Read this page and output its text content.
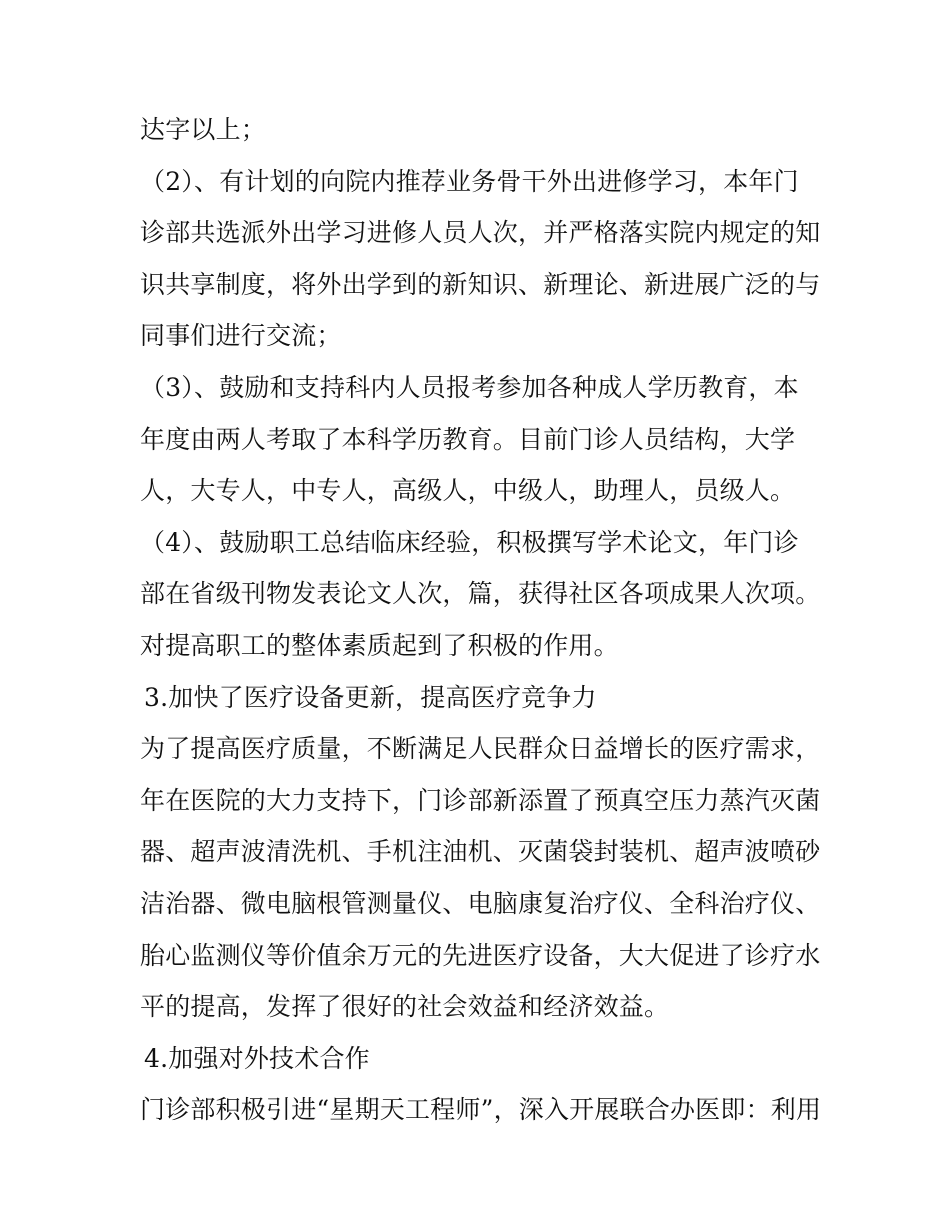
达字以上；

（2）、有计划的向院内推荐业务骨干外出进修学习，本年门

诊部共选派外出学习进修人员人次，并严格落实院内规定的知

识共享制度，将外出学到的新知识、新理论、新进展广泛的与

同事们进行交流；

（3）、鼓励和支持科内人员报考参加各种成人学历教育，本

年度由两人考取了本科学历教育。目前门诊人员结构，大学

人，大专人，中专人，高级人，中级人，助理人，员级人。

（4）、鼓励职工总结临床经验，积极撰写学术论文，年门诊

部在省级刊物发表论文人次，篇，获得社区各项成果人次项。

对提高职工的整体素质起到了积极的作用。

3.加快了医疗设备更新，提高医疗竞争力

为了提高医疗质量，不断满足人民群众日益增长的医疗需求，

年在医院的大力支持下，门诊部新添置了预真空压力蒸汽灭菌

器、超声波清洗机、手机注油机、灭菌袋封装机、超声波喷砂

洁治器、微电脑根管测量仪、电脑康复治疗仪、全科治疗仪、

胎心监测仪等价值余万元的先进医疗设备，大大促进了诊疗水

平的提高，发挥了很好的社会效益和经济效益。

4.加强对外技术合作

门诊部积极引进“星期天工程师”，深入开展联合办医即：利用
